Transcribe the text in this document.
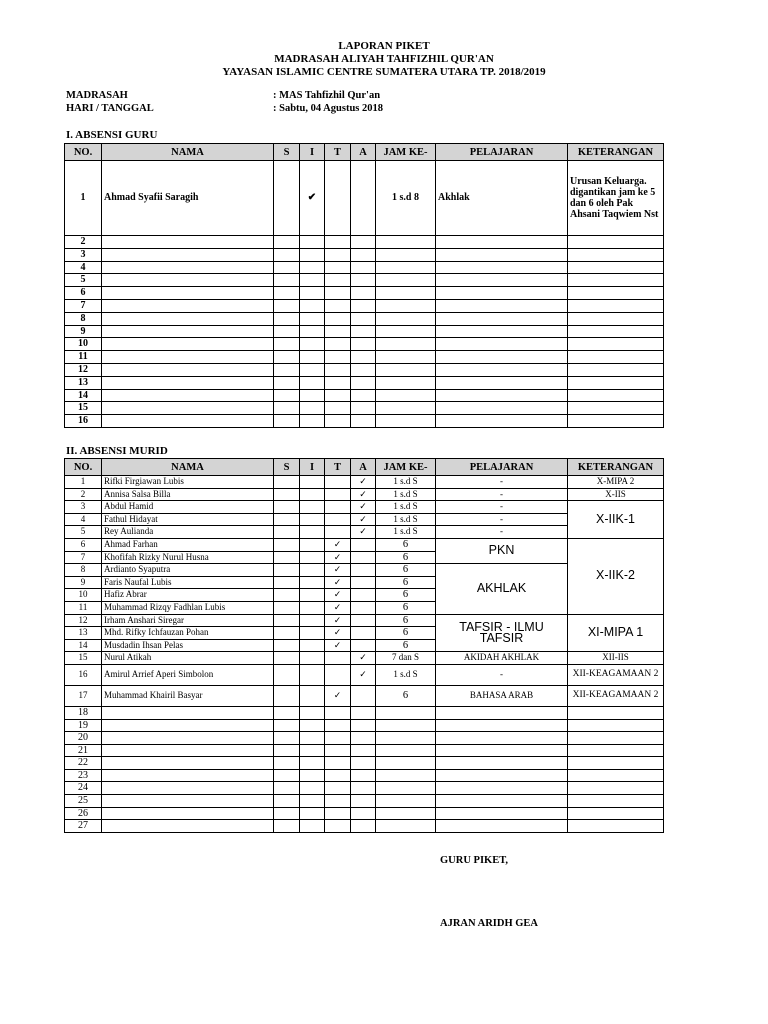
LAPORAN PIKET
MADRASAH ALIYAH TAHFIZHIL QUR'AN
YAYASAN ISLAMIC CENTRE SUMATERA UTARA TP. 2018/2019
MADRASAH	: MAS Tahfizhil Qur'an
HARI / TANGGAL	: Sabtu, 04 Agustus 2018
I. ABSENSI GURU
NO.	NAMA	S	I	T	A	JAM KE-	PELAJARAN	KETERANGAN
1	Ahmad Syafii Saragih		✔			1 s.d 8	Akhlak	Urusan Keluarga. digantikan jam ke 5 dan 6 oleh Pak Ahsani Taqwiem Nst
2								
3								
4								
5								
6								
7								
8								
9								
10								
11								
12								
13								
14								
15								
16								
II. ABSENSI MURID
NO.	NAMA	S	I	T	A	JAM KE-	PELAJARAN	KETERANGAN
1	Rifki Firgiawan Lubis				✓	1 s.d S	-	X-MIPA 2
2	Annisa Salsa Billa				✓	1 s.d S	-	X-IIS
3	Abdul Hamid				✓	1 s.d S	-	X-IIK-1
4	Fathul Hidayat				✓	1 s.d S	-	
5	Rey Aulianda				✓	1 s.d S	-	
6	Ahmad Farhan			✓		6	PKN	X-IIK-2
7	Khofifah Rizky Nurul Husna			✓		6		
8	Ardianto Syaputra			✓		6	AKHLAK	
9	Faris Naufal Lubis			✓		6		
10	Hafiz Abrar			✓		6		
11	Muhammad Rizqy Fadhlan Lubis			✓		6		
12	Irham Anshari Siregar			✓		6	TAFSIR - ILMU TAFSIR	XI-MIPA 1
13	Mhd. Rifky Ichfauzan Pohan			✓		6		
14	Musdadin Ihsan Pelas			✓		6		
15	Nurul Atikah				✓	7 dan S	AKIDAH AKHLAK	XII-IIS
16	Amirul Arrief Aperi Simbolon				✓	1 s.d S	-	XII-KEAGAMAAN 2
17	Muhammad Khairil Basyar			✓		6	BAHASA ARAB	XII-KEAGAMAAN 2
18								
19								
20								
21								
22								
23								
24								
25								
26								
27								
GURU PIKET,
AJRAN ARIDH GEA
